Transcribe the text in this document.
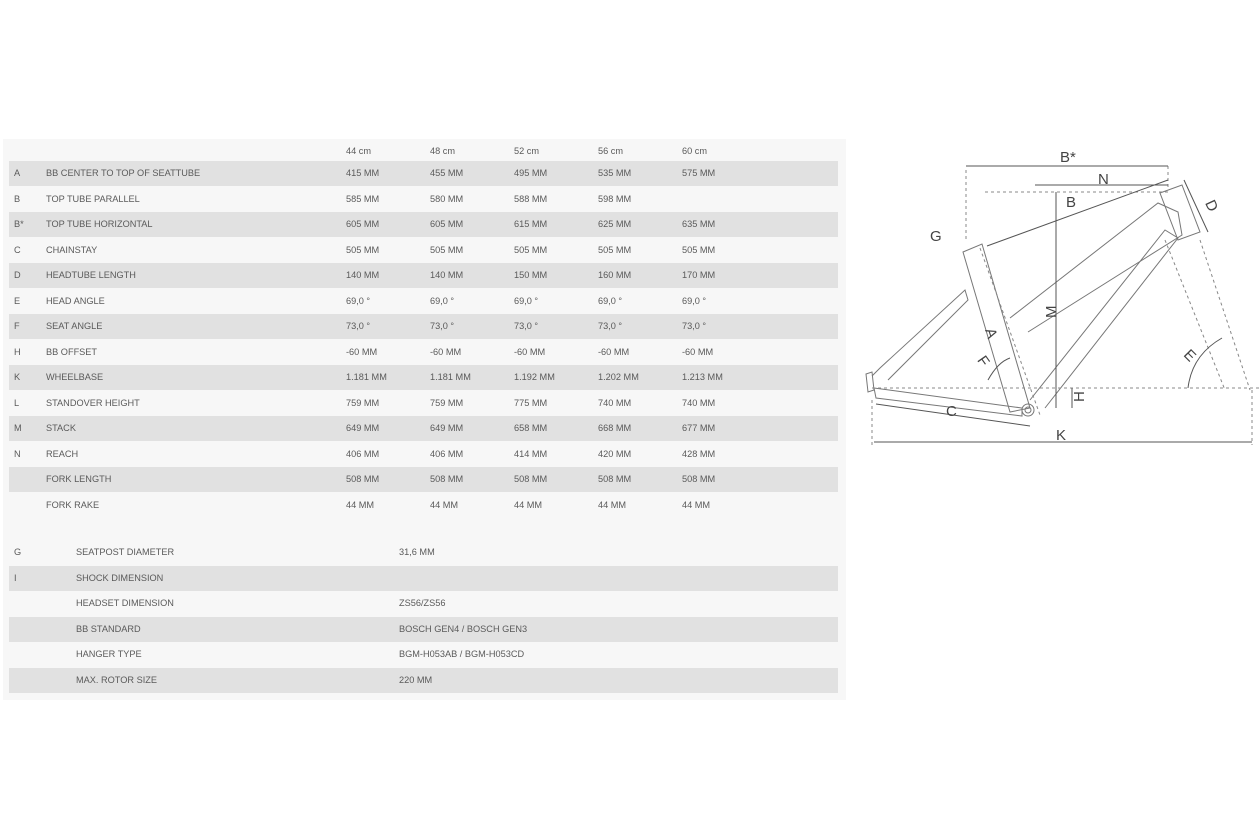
44 cm	48 cm	52 cm	56 cm	60 cm
A	BB CENTER TO TOP OF SEATTUBE	415 MM	455 MM	495 MM	535 MM	575 MM
B	TOP TUBE PARALLEL	585 MM	580 MM	588 MM	598 MM
B* TOP TUBE HORIZONTAL	605 MM	605 MM	615 MM	625 MM	635 MM
C	CHAINSTAY	505 MM	505 MM	505 MM	505 MM	505 MM
D	HEADTUBE LENGTH	140 MM	140 MM	150 MM	160 MM	170 MM
E	HEAD ANGLE	69,0 °	69,0 °	69,0 °	69,0 °	69,0 °
F	SEAT ANGLE	73,0 °	73,0 °	73,0 °	73,0 °	73,0 °
H	BB OFFSET	-60 MM	-60 MM	-60 MM	-60 MM	-60 MM
K	WHEELBASE	1.181 MM	1.181 MM	1.192 MM	1.202 MM	1.213 MM
L	STANDOVER HEIGHT	759 MM	759 MM	775 MM	740 MM	740 MM
M	STACK	649 MM	649 MM	658 MM	668 MM	677 MM
N	REACH	406 MM	406 MM	414 MM	420 MM	428 MM
FORK LENGTH	508 MM	508 MM	508 MM	508 MM	508 MM
FORK RAKE	44 MM	44 MM	44 MM	44 MM	44 MM
G	SEATPOST DIAMETER	31,6 MM
I	SHOCK DIMENSION
HEADSET DIMENSION	ZS56/ZS56
BB STANDARD	BOSCH GEN4 / BOSCH GEN3
HANGER TYPE	BGM-H053AB / BGM-H053CD
MAX. ROTOR SIZE	220 MM
B*
N
B	D
G
M
A
F	E
H
C
K
